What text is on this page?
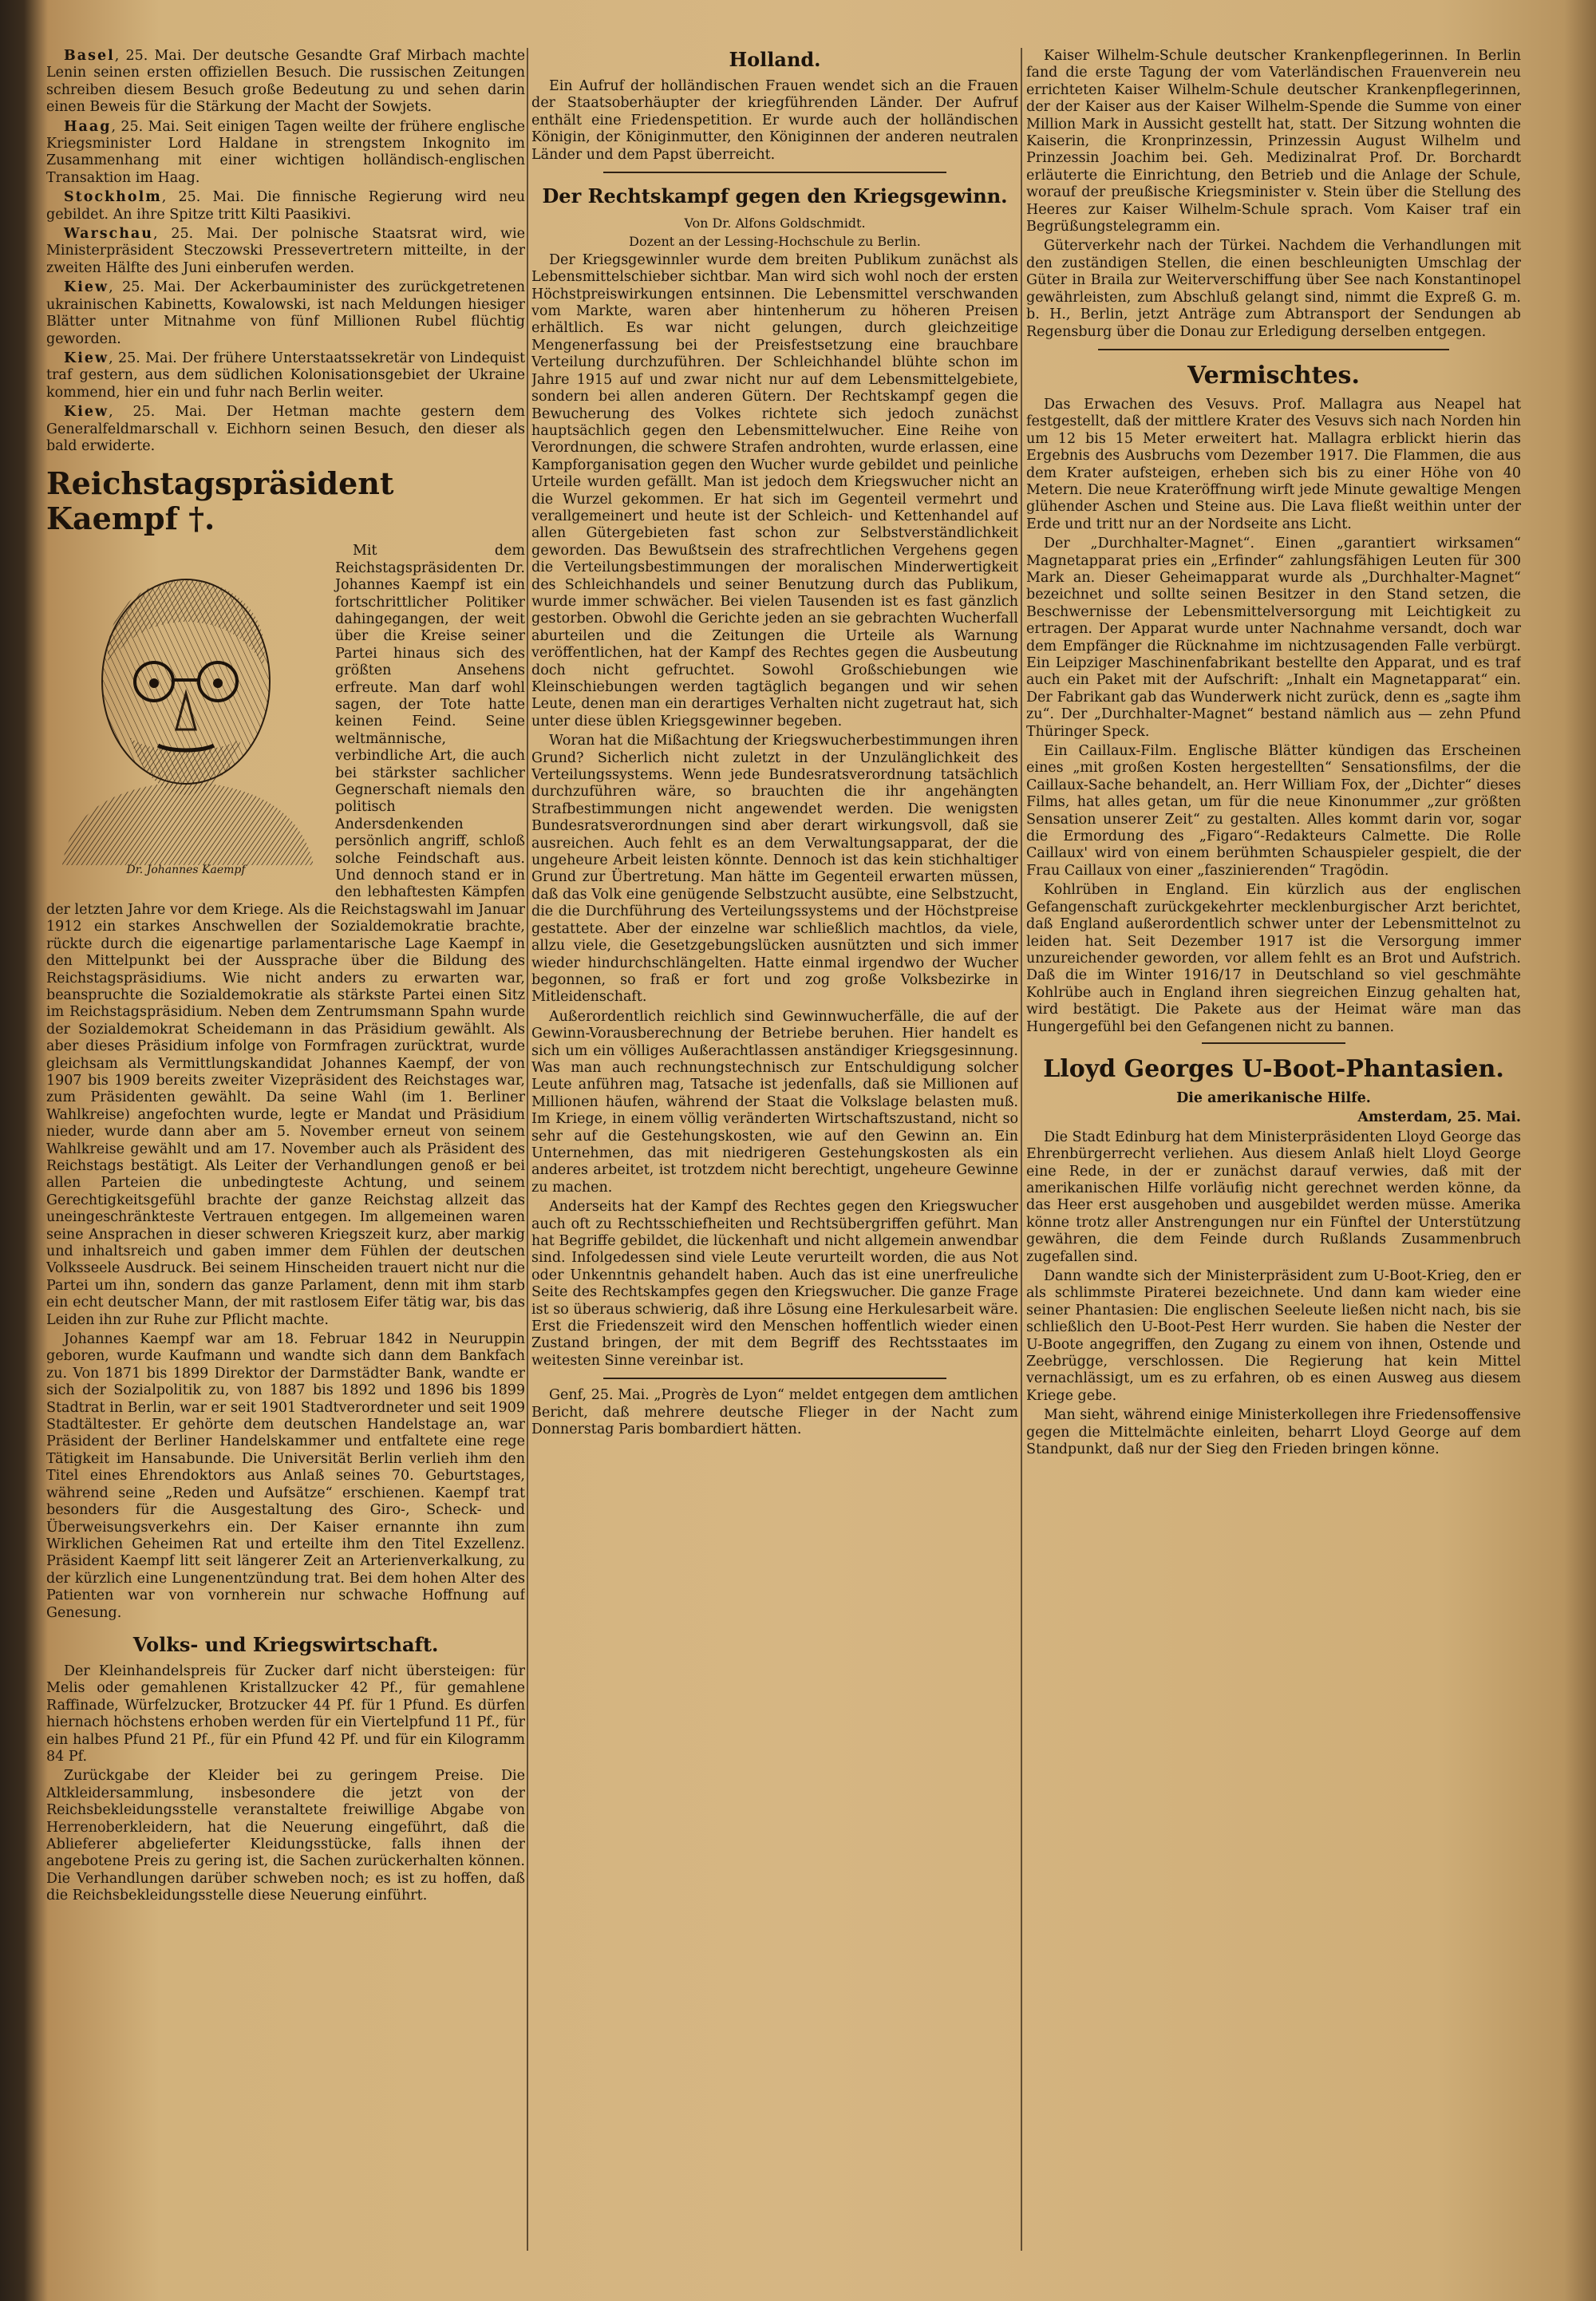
Basel, 25. Mai. Der deutsche Gesandte Graf Mirbach machte Lenin seinen ersten offiziellen Besuch. Die russischen Zeitungen schreiben diesem Besuch große Bedeutung zu und sehen darin einen Beweis für die Stärkung der Macht der Sowjets.

Haag, 25. Mai. Seit einigen Tagen weilte der frühere englische Kriegsminister Lord Haldane in strengstem Inkognito im Zusammenhang mit einer wichtigen holländisch-englischen Transaktion im Haag.

Stockholm, 25. Mai. Die finnische Regierung wird neu gebildet. An ihre Spitze tritt Kilti Paasikivi.

Warschau, 25. Mai. Der polnische Staatsrat wird, wie Ministerpräsident Steczowski Pressevertretern mitteilte, in der zweiten Hälfte des Juni einberufen werden.

Kiew, 25. Mai. Der Ackerbauminister des zurückgetretenen ukrainischen Kabinetts, Kowalowski, ist nach Meldungen hiesiger Blätter unter Mitnahme von fünf Millionen Rubel flüchtig geworden.

Kiew, 25. Mai. Der frühere Unterstaatssekretär von Lindequist traf gestern, aus dem südlichen Kolonisationsgebiet der Ukraine kommend, hier ein und fuhr nach Berlin weiter.

Kiew, 25. Mai. Der Hetman machte gestern dem Generalfeldmarschall v. Eichhorn seinen Besuch, den dieser als bald erwiderte.

Reichstagspräsident Kaempf †.
Dr. Johannes Kaempf

Mit dem Reichstagspräsidenten Dr. Johannes Kaempf ist ein fortschrittlicher Politiker dahingegangen, der weit über die Kreise seiner Partei hinaus sich des größten Ansehens erfreute. Man darf wohl sagen, der Tote hatte keinen Feind. Seine weltmännische, verbindliche Art, die auch bei stärkster sachlicher Gegnerschaft niemals den politisch Andersdenkenden persönlich angriff, schloß solche Feindschaft aus. Und dennoch stand er in den lebhaftesten Kämpfen der letzten Jahre vor dem Kriege. Als die Reichstagswahl im Januar 1912 ein starkes Anschwellen der Sozialdemokratie brachte, rückte durch die eigenartige parlamentarische Lage Kaempf in den Mittelpunkt bei der Aussprache über die Bildung des Reichstagspräsidiums. Wie nicht anders zu erwarten war, beanspruchte die Sozialdemokratie als stärkste Partei einen Sitz im Reichstagspräsidium. Neben dem Zentrumsmann Spahn wurde der Sozialdemokrat Scheidemann in das Präsidium gewählt. Als aber dieses Präsidium infolge von Formfragen zurücktrat, wurde gleichsam als Vermittlungskandidat Johannes Kaempf, der von 1907 bis 1909 bereits zweiter Vizepräsident des Reichstages war, zum Präsidenten gewählt. Da seine Wahl (im 1. Berliner Wahlkreise) angefochten wurde, legte er Mandat und Präsidium nieder, wurde dann aber am 5. November erneut von seinem Wahlkreise gewählt und am 17. November auch als Präsident des Reichstags bestätigt. Als Leiter der Verhandlungen genoß er bei allen Parteien die unbedingteste Achtung, und seinem Gerechtigkeitsgefühl brachte der ganze Reichstag allzeit das uneingeschränkteste Vertrauen entgegen. Im allgemeinen waren seine Ansprachen in dieser schweren Kriegszeit kurz, aber markig und inhaltsreich und gaben immer dem Fühlen der deutschen Volksseele Ausdruck. Bei seinem Hinscheiden trauert nicht nur die Partei um ihn, sondern das ganze Parlament, denn mit ihm starb ein echt deutscher Mann, der mit rastlosem Eifer tätig war, bis das Leiden ihn zur Ruhe zur Pflicht machte.

Johannes Kaempf war am 18. Februar 1842 in Neuruppin geboren, wurde Kaufmann und wandte sich dann dem Bankfach zu. Von 1871 bis 1899 Direktor der Darmstädter Bank, wandte er sich der Sozialpolitik zu, von 1887 bis 1892 und 1896 bis 1899 Stadtrat in Berlin, war er seit 1901 Stadtverordneter und seit 1909 Stadtältester. Er gehörte dem deutschen Handelstage an, war Präsident der Berliner Handelskammer und entfaltete eine rege Tätigkeit im Hansabunde. Die Universität Berlin verlieh ihm den Titel eines Ehrendoktors aus Anlaß seines 70. Geburtstages, während seine „Reden und Aufsätze“ erschienen. Kaempf trat besonders für die Ausgestaltung des Giro-, Scheck- und Überweisungsverkehrs ein. Der Kaiser ernannte ihn zum Wirklichen Geheimen Rat und erteilte ihm den Titel Exzellenz. Präsident Kaempf litt seit längerer Zeit an Arterienverkalkung, zu der kürzlich eine Lungenentzündung trat. Bei dem hohen Alter des Patienten war von vornherein nur schwache Hoffnung auf Genesung.

Volks- und Kriegswirtschaft.

Der Kleinhandelspreis für Zucker darf nicht übersteigen: für Melis oder gemahlenen Kristallzucker 42 Pf., für gemahlene Raffinade, Würfelzucker, Brotzucker 44 Pf. für 1 Pfund. Es dürfen hiernach höchstens erhoben werden für ein Viertelpfund 11 Pf., für ein halbes Pfund 21 Pf., für ein Pfund 42 Pf. und für ein Kilogramm 84 Pf.

Zurückgabe der Kleider bei zu geringem Preise. Die Altkleidersammlung, insbesondere die jetzt von der Reichsbekleidungsstelle veranstaltete freiwillige Abgabe von Herrenoberkleidern, hat die Neuerung eingeführt, daß die Ablieferer abgelieferter Kleidungsstücke, falls ihnen der angebotene Preis zu gering ist, die Sachen zurückerhalten können. Die Verhandlungen darüber schweben noch; es ist zu hoffen, daß die Reichsbekleidungsstelle diese Neuerung einführt.

Holland.

Ein Aufruf der holländischen Frauen wendet sich an die Frauen der Staatsoberhäupter der kriegführenden Länder. Der Aufruf enthält eine Friedenspetition. Er wurde auch der holländischen Königin, der Königinmutter, den Königinnen der anderen neutralen Länder und dem Papst überreicht.

Der Rechtskampf gegen den Kriegsgewinn.

Von Dr. Alfons Goldschmidt.

Dozent an der Lessing-Hochschule zu Berlin.

Der Kriegsgewinnler wurde dem breiten Publikum zunächst als Lebensmittelschieber sichtbar. Man wird sich wohl noch der ersten Höchstpreiswirkungen entsinnen. Die Lebensmittel verschwanden vom Markte, waren aber hintenherum zu höheren Preisen erhältlich. Es war nicht gelungen, durch gleichzeitige Mengenerfassung bei der Preisfestsetzung eine brauchbare Verteilung durchzuführen. Der Schleichhandel blühte schon im Jahre 1915 auf und zwar nicht nur auf dem Lebensmittelgebiete, sondern bei allen anderen Gütern. Der Rechtskampf gegen die Bewucherung des Volkes richtete sich jedoch zunächst hauptsächlich gegen den Lebensmittelwucher. Eine Reihe von Verordnungen, die schwere Strafen androhten, wurde erlassen, eine Kampforganisation gegen den Wucher wurde gebildet und peinliche Urteile wurden gefällt. Man ist jedoch dem Kriegswucher nicht an die Wurzel gekommen. Er hat sich im Gegenteil vermehrt und verallgemeinert und heute ist der Schleich- und Kettenhandel auf allen Gütergebieten fast schon zur Selbstverständlichkeit geworden. Das Bewußtsein des strafrechtlichen Vergehens gegen die Verteilungsbestimmungen der moralischen Minderwertigkeit des Schleichhandels und seiner Benutzung durch das Publikum, wurde immer schwächer. Bei vielen Tausenden ist es fast gänzlich gestorben. Obwohl die Gerichte jeden an sie gebrachten Wucherfall aburteilen und die Zeitungen die Urteile als Warnung veröffentlichen, hat der Kampf des Rechtes gegen die Ausbeutung doch nicht gefruchtet. Sowohl Großschiebungen wie Kleinschiebungen werden tagtäglich begangen und wir sehen Leute, denen man ein derartiges Verhalten nicht zugetraut hat, sich unter diese üblen Kriegsgewinner begeben.

Woran hat die Mißachtung der Kriegswucherbestimmungen ihren Grund? Sicherlich nicht zuletzt in der Unzulänglichkeit des Verteilungssystems. Wenn jede Bundesratsverordnung tatsächlich durchzuführen wäre, so brauchten die ihr angehängten Strafbestimmungen nicht angewendet werden. Die wenigsten Bundesratsverordnungen sind aber derart wirkungsvoll, daß sie ausreichen. Auch fehlt es an dem Verwaltungsapparat, der die ungeheure Arbeit leisten könnte. Dennoch ist das kein stichhaltiger Grund zur Übertretung. Man hätte im Gegenteil erwarten müssen, daß das Volk eine genügende Selbstzucht ausübte, eine Selbstzucht, die die Durchführung des Verteilungssystems und der Höchstpreise gestattete. Aber der einzelne war schließlich machtlos, da viele, allzu viele, die Gesetzgebungslücken ausnützten und sich immer wieder hindurchschlängelten. Hatte einmal irgendwo der Wucher begonnen, so fraß er fort und zog große Volksbezirke in Mitleidenschaft.

Außerordentlich reichlich sind Gewinnwucherfälle, die auf der Gewinn-Vorausberechnung der Betriebe beruhen. Hier handelt es sich um ein völliges Außerachtlassen anständiger Kriegsgesinnung. Was man auch rechnungstechnisch zur Entschuldigung solcher Leute anführen mag, Tatsache ist jedenfalls, daß sie Millionen auf Millionen häufen, während der Staat die Volkslage belasten muß. Im Kriege, in einem völlig veränderten Wirtschaftszustand, nicht so sehr auf die Gestehungskosten, wie auf den Gewinn an. Ein Unternehmen, das mit niedrigeren Gestehungskosten als ein anderes arbeitet, ist trotzdem nicht berechtigt, ungeheure Gewinne zu machen.

Anderseits hat der Kampf des Rechtes gegen den Kriegswucher auch oft zu Rechtsschiefheiten und Rechtsübergriffen geführt. Man hat Begriffe gebildet, die lückenhaft und nicht allgemein anwendbar sind. Infolgedessen sind viele Leute verurteilt worden, die aus Not oder Unkenntnis gehandelt haben. Auch das ist eine unerfreuliche Seite des Rechtskampfes gegen den Kriegswucher. Die ganze Frage ist so überaus schwierig, daß ihre Lösung eine Herkulesarbeit wäre. Erst die Friedenszeit wird den Menschen hoffentlich wieder einen Zustand bringen, der mit dem Begriff des Rechtsstaates im weitesten Sinne vereinbar ist.

Genf, 25. Mai. „Progrès de Lyon“ meldet entgegen dem amtlichen Bericht, daß mehrere deutsche Flieger in der Nacht zum Donnerstag Paris bombardiert hätten.

Kaiser Wilhelm-Schule deutscher Krankenpflegerinnen. In Berlin fand die erste Tagung der vom Vaterländischen Frauenverein neu errichteten Kaiser Wilhelm-Schule deutscher Krankenpflegerinnen, der der Kaiser aus der Kaiser Wilhelm-Spende die Summe von einer Million Mark in Aussicht gestellt hat, statt. Der Sitzung wohnten die Kaiserin, die Kronprinzessin, Prinzessin August Wilhelm und Prinzessin Joachim bei. Geh. Medizinalrat Prof. Dr. Borchardt erläuterte die Einrichtung, den Betrieb und die Anlage der Schule, worauf der preußische Kriegsminister v. Stein über die Stellung des Heeres zur Kaiser Wilhelm-Schule sprach. Vom Kaiser traf ein Begrüßungstelegramm ein.

Güterverkehr nach der Türkei. Nachdem die Verhandlungen mit den zuständigen Stellen, die einen beschleunigten Umschlag der Güter in Braila zur Weiterverschiffung über See nach Konstantinopel gewährleisten, zum Abschluß gelangt sind, nimmt die Expreß G. m. b. H., Berlin, jetzt Anträge zum Abtransport der Sendungen ab Regensburg über die Donau zur Erledigung derselben entgegen.

Vermischtes.

Das Erwachen des Vesuvs. Prof. Mallagra aus Neapel hat festgestellt, daß der mittlere Krater des Vesuvs sich nach Norden hin um 12 bis 15 Meter erweitert hat. Mallagra erblickt hierin das Ergebnis des Ausbruchs vom Dezember 1917. Die Flammen, die aus dem Krater aufsteigen, erheben sich bis zu einer Höhe von 40 Metern. Die neue Krateröffnung wirft jede Minute gewaltige Mengen glühender Aschen und Steine aus. Die Lava fließt weithin unter der Erde und tritt nur an der Nordseite ans Licht.

Der „Durchhalter-Magnet“. Einen „garantiert wirksamen“ Magnetapparat pries ein „Erfinder“ zahlungsfähigen Leuten für 300 Mark an. Dieser Geheimapparat wurde als „Durchhalter-Magnet“ bezeichnet und sollte seinen Besitzer in den Stand setzen, die Beschwernisse der Lebensmittelversorgung mit Leichtigkeit zu ertragen. Der Apparat wurde unter Nachnahme versandt, doch war dem Empfänger die Rücknahme im nichtzusagenden Falle verbürgt. Ein Leipziger Maschinenfabrikant bestellte den Apparat, und es traf auch ein Paket mit der Aufschrift: „Inhalt ein Magnetapparat“ ein. Der Fabrikant gab das Wunderwerk nicht zurück, denn es „sagte ihm zu“. Der „Durchhalter-Magnet“ bestand nämlich aus — zehn Pfund Thüringer Speck.

Ein Caillaux-Film. Englische Blätter kündigen das Erscheinen eines „mit großen Kosten hergestellten“ Sensationsfilms, der die Caillaux-Sache behandelt, an. Herr William Fox, der „Dichter“ dieses Films, hat alles getan, um für die neue Kinonummer „zur größten Sensation unserer Zeit“ zu gestalten. Alles kommt darin vor, sogar die Ermordung des „Figaro“-Redakteurs Calmette. Die Rolle Caillaux' wird von einem berühmten Schauspieler gespielt, die der Frau Caillaux von einer „faszinierenden“ Tragödin.

Kohlrüben in England. Ein kürzlich aus der englischen Gefangenschaft zurückgekehrter mecklenburgischer Arzt berichtet, daß England außerordentlich schwer unter der Lebensmittelnot zu leiden hat. Seit Dezember 1917 ist die Versorgung immer unzureichender geworden, vor allem fehlt es an Brot und Aufstrich. Daß die im Winter 1916/17 in Deutschland so viel geschmähte Kohlrübe auch in England ihren siegreichen Einzug gehalten hat, wird bestätigt. Die Pakete aus der Heimat wäre man das Hungergefühl bei den Gefangenen nicht zu bannen.

Lloyd Georges U-Boot-Phantasien.

Die amerikanische Hilfe.

Amsterdam, 25. Mai.

Die Stadt Edinburg hat dem Ministerpräsidenten Lloyd George das Ehrenbürgerrecht verliehen. Aus diesem Anlaß hielt Lloyd George eine Rede, in der er zunächst darauf verwies, daß mit der amerikanischen Hilfe vorläufig nicht gerechnet werden könne, da das Heer erst ausgehoben und ausgebildet werden müsse. Amerika könne trotz aller Anstrengungen nur ein Fünftel der Unterstützung gewähren, die dem Feinde durch Rußlands Zusammenbruch zugefallen sind.

Dann wandte sich der Ministerpräsident zum U-Boot-Krieg, den er als schlimmste Piraterei bezeichnete. Und dann kam wieder eine seiner Phantasien: Die englischen Seeleute ließen nicht nach, bis sie schließlich den U-Boot-Pest Herr wurden. Sie haben die Nester der U-Boote angegriffen, den Zugang zu einem von ihnen, Ostende und Zeebrügge, verschlossen. Die Regierung hat kein Mittel vernachlässigt, um es zu erfahren, ob es einen Ausweg aus diesem Kriege gebe.

Man sieht, während einige Ministerkollegen ihre Friedensoffensive gegen die Mittelmächte einleiten, beharrt Lloyd George auf dem Standpunkt, daß nur der Sieg den Frieden bringen könne.
